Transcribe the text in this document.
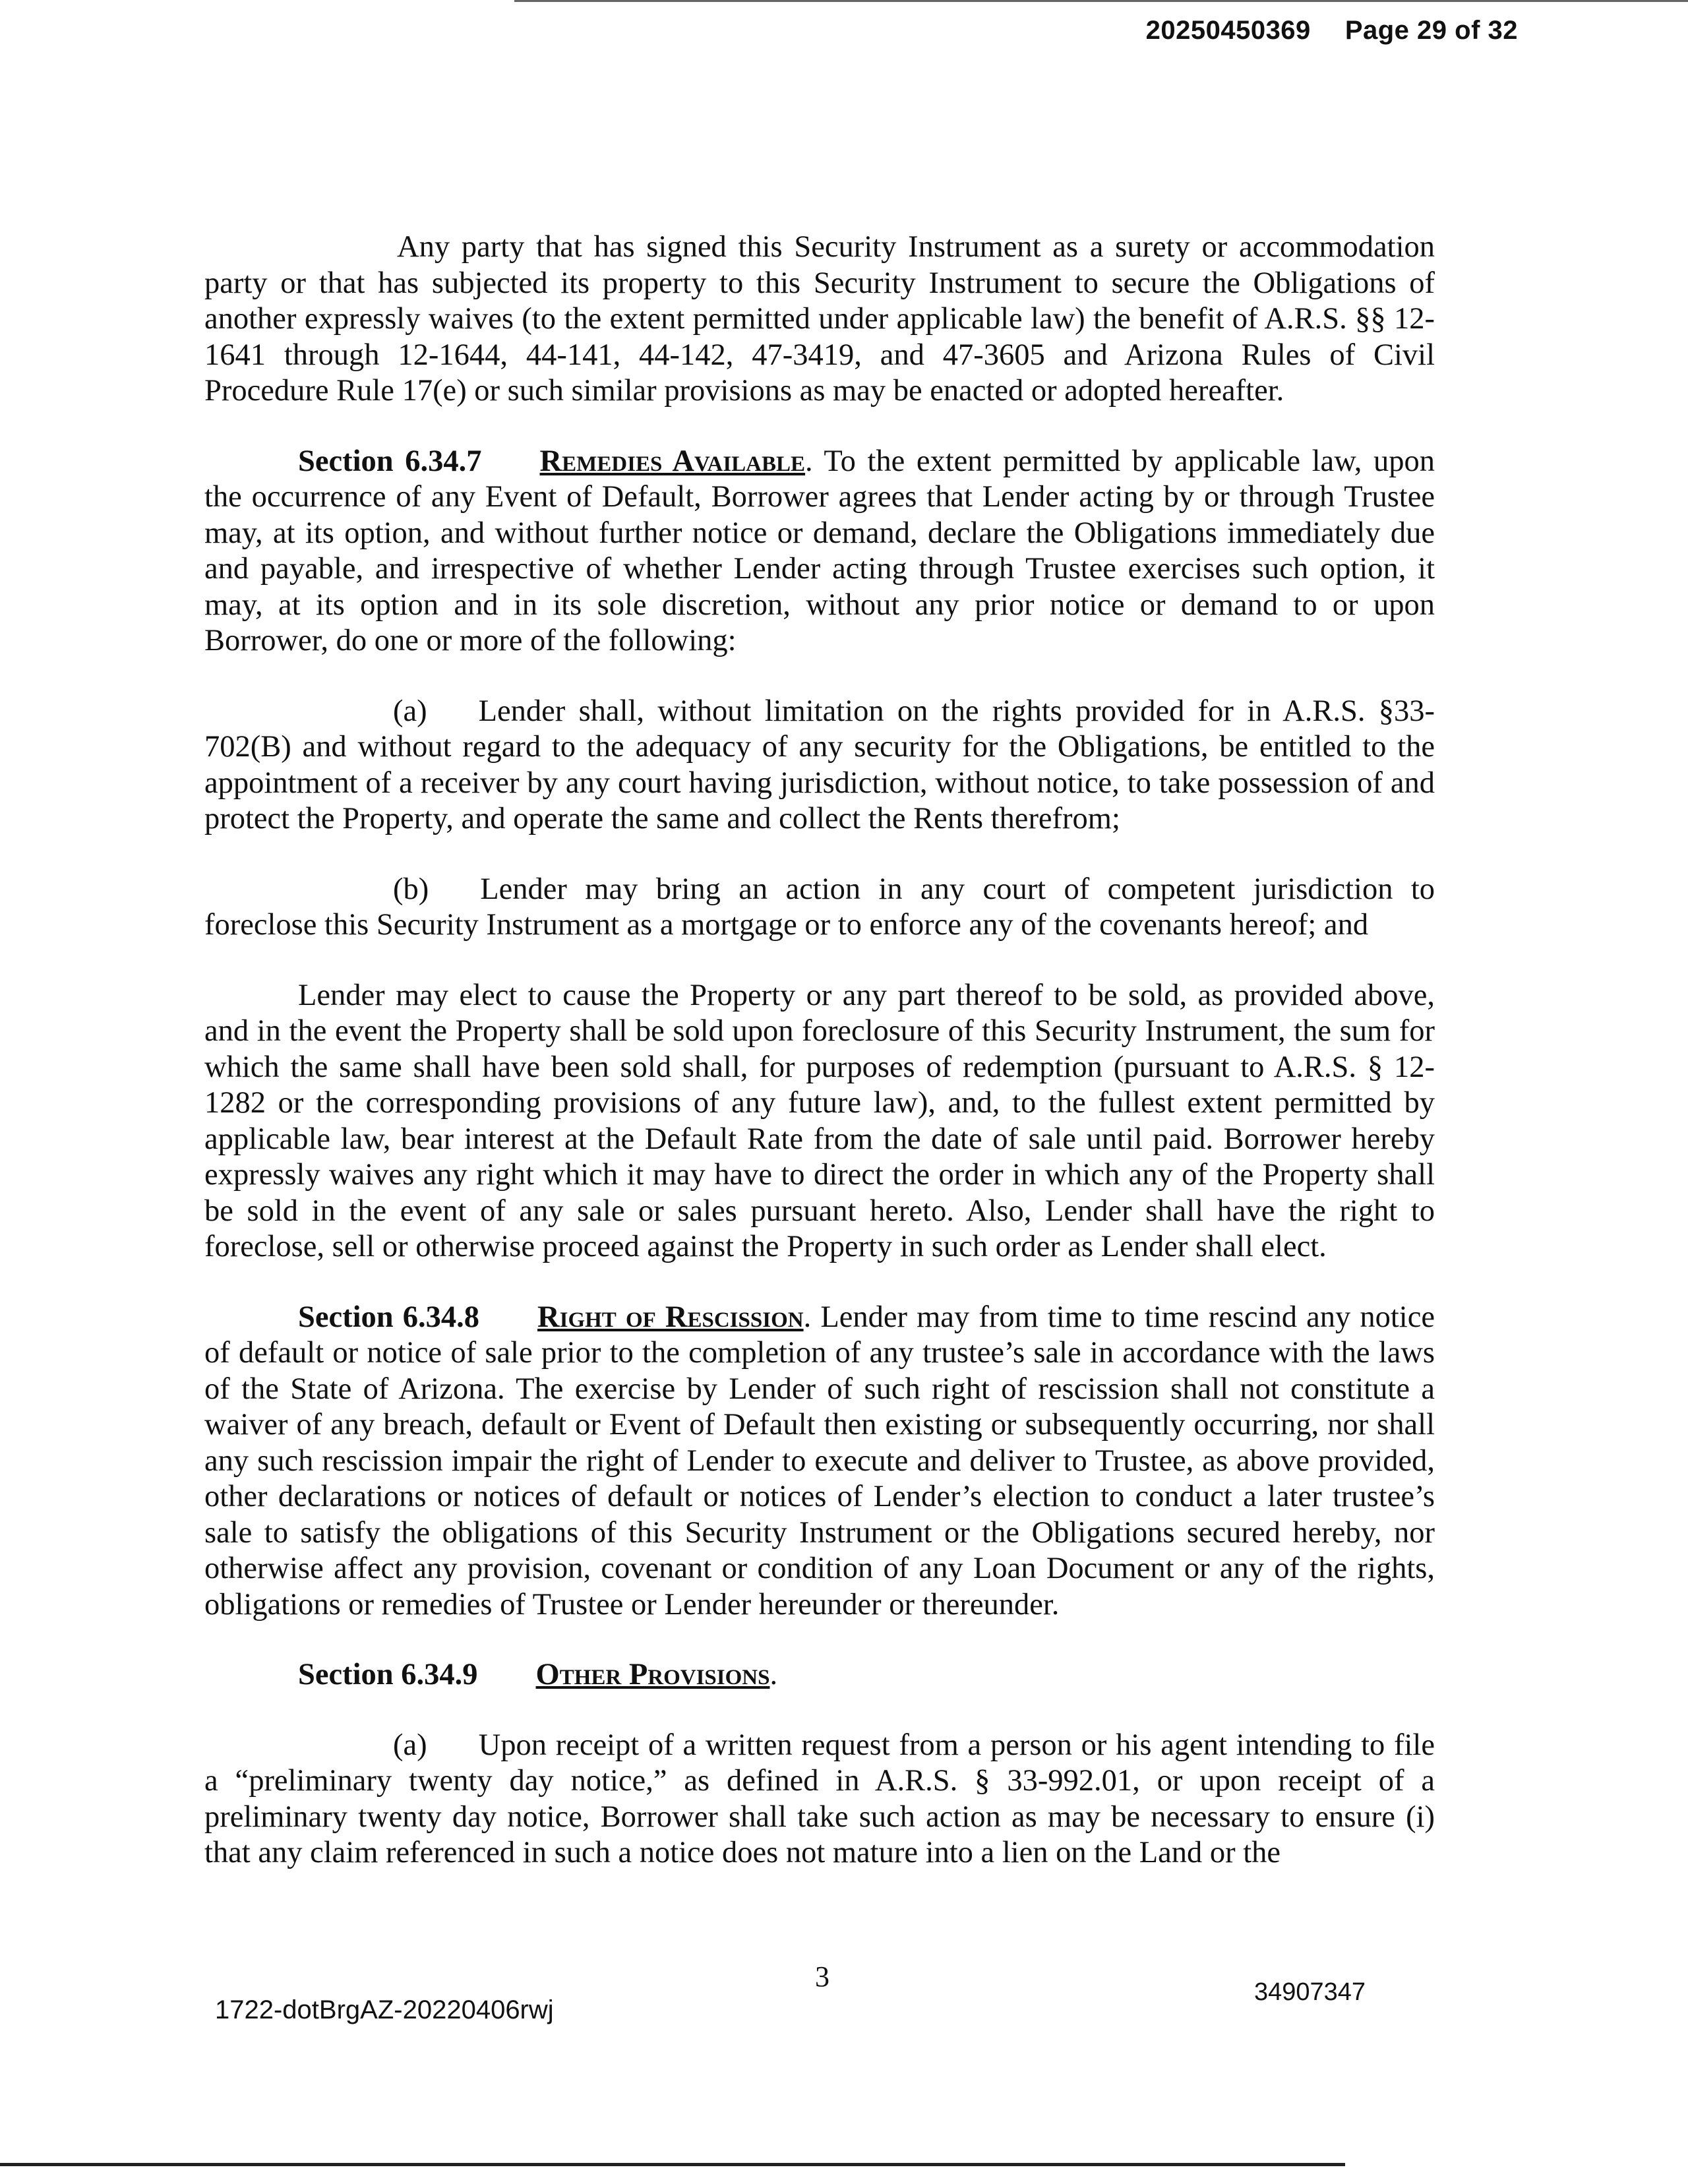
20250450369 Page 29 of 32

Any party that has signed this Security Instrument as a surety or accommodation party or that has subjected its property to this Security Instrument to secure the Obligations of another expressly waives (to the extent permitted under applicable law) the benefit of A.R.S. §§ 12-1641 through 12-1644, 44-141, 44-142, 47-3419, and 47-3605 and Arizona Rules of Civil Procedure Rule 17(e) or such similar provisions as may be enacted or adopted hereafter.

Section 6.34.7 Remedies Available. To the extent permitted by applicable law, upon the occurrence of any Event of Default, Borrower agrees that Lender acting by or through Trustee may, at its option, and without further notice or demand, declare the Obligations immediately due and payable, and irrespective of whether Lender acting through Trustee exercises such option, it may, at its option and in its sole discretion, without any prior notice or demand to or upon Borrower, do one or more of the following:

(a) Lender shall, without limitation on the rights provided for in A.R.S. §33-702(B) and without regard to the adequacy of any security for the Obligations, be entitled to the appointment of a receiver by any court having jurisdiction, without notice, to take possession of and protect the Property, and operate the same and collect the Rents therefrom;

(b) Lender may bring an action in any court of competent jurisdiction to foreclose this Security Instrument as a mortgage or to enforce any of the covenants hereof; and

Lender may elect to cause the Property or any part thereof to be sold, as provided above, and in the event the Property shall be sold upon foreclosure of this Security Instrument, the sum for which the same shall have been sold shall, for purposes of redemption (pursuant to A.R.S. § 12-1282 or the corresponding provisions of any future law), and, to the fullest extent permitted by applicable law, bear interest at the Default Rate from the date of sale until paid. Borrower hereby expressly waives any right which it may have to direct the order in which any of the Property shall be sold in the event of any sale or sales pursuant hereto. Also, Lender shall have the right to foreclose, sell or otherwise proceed against the Property in such order as Lender shall elect.

Section 6.34.8 Right of Rescission. Lender may from time to time rescind any notice of default or notice of sale prior to the completion of any trustee’s sale in accordance with the laws of the State of Arizona. The exercise by Lender of such right of rescission shall not constitute a waiver of any breach, default or Event of Default then existing or subsequently occurring, nor shall any such rescission impair the right of Lender to execute and deliver to Trustee, as above provided, other declarations or notices of default or notices of Lender’s election to conduct a later trustee’s sale to satisfy the obligations of this Security Instrument or the Obligations secured hereby, nor otherwise affect any provision, covenant or condition of any Loan Document or any of the rights, obligations or remedies of Trustee or Lender hereunder or thereunder.

Section 6.34.9 Other Provisions.

(a) Upon receipt of a written request from a person or his agent intending to file a “preliminary twenty day notice,” as defined in A.R.S. § 33-992.01, or upon receipt of a preliminary twenty day notice, Borrower shall take such action as may be necessary to ensure (i) that any claim referenced in such a notice does not mature into a lien on the Land or the

3
1722-dotBrgAZ-20220406rwj
34907347
